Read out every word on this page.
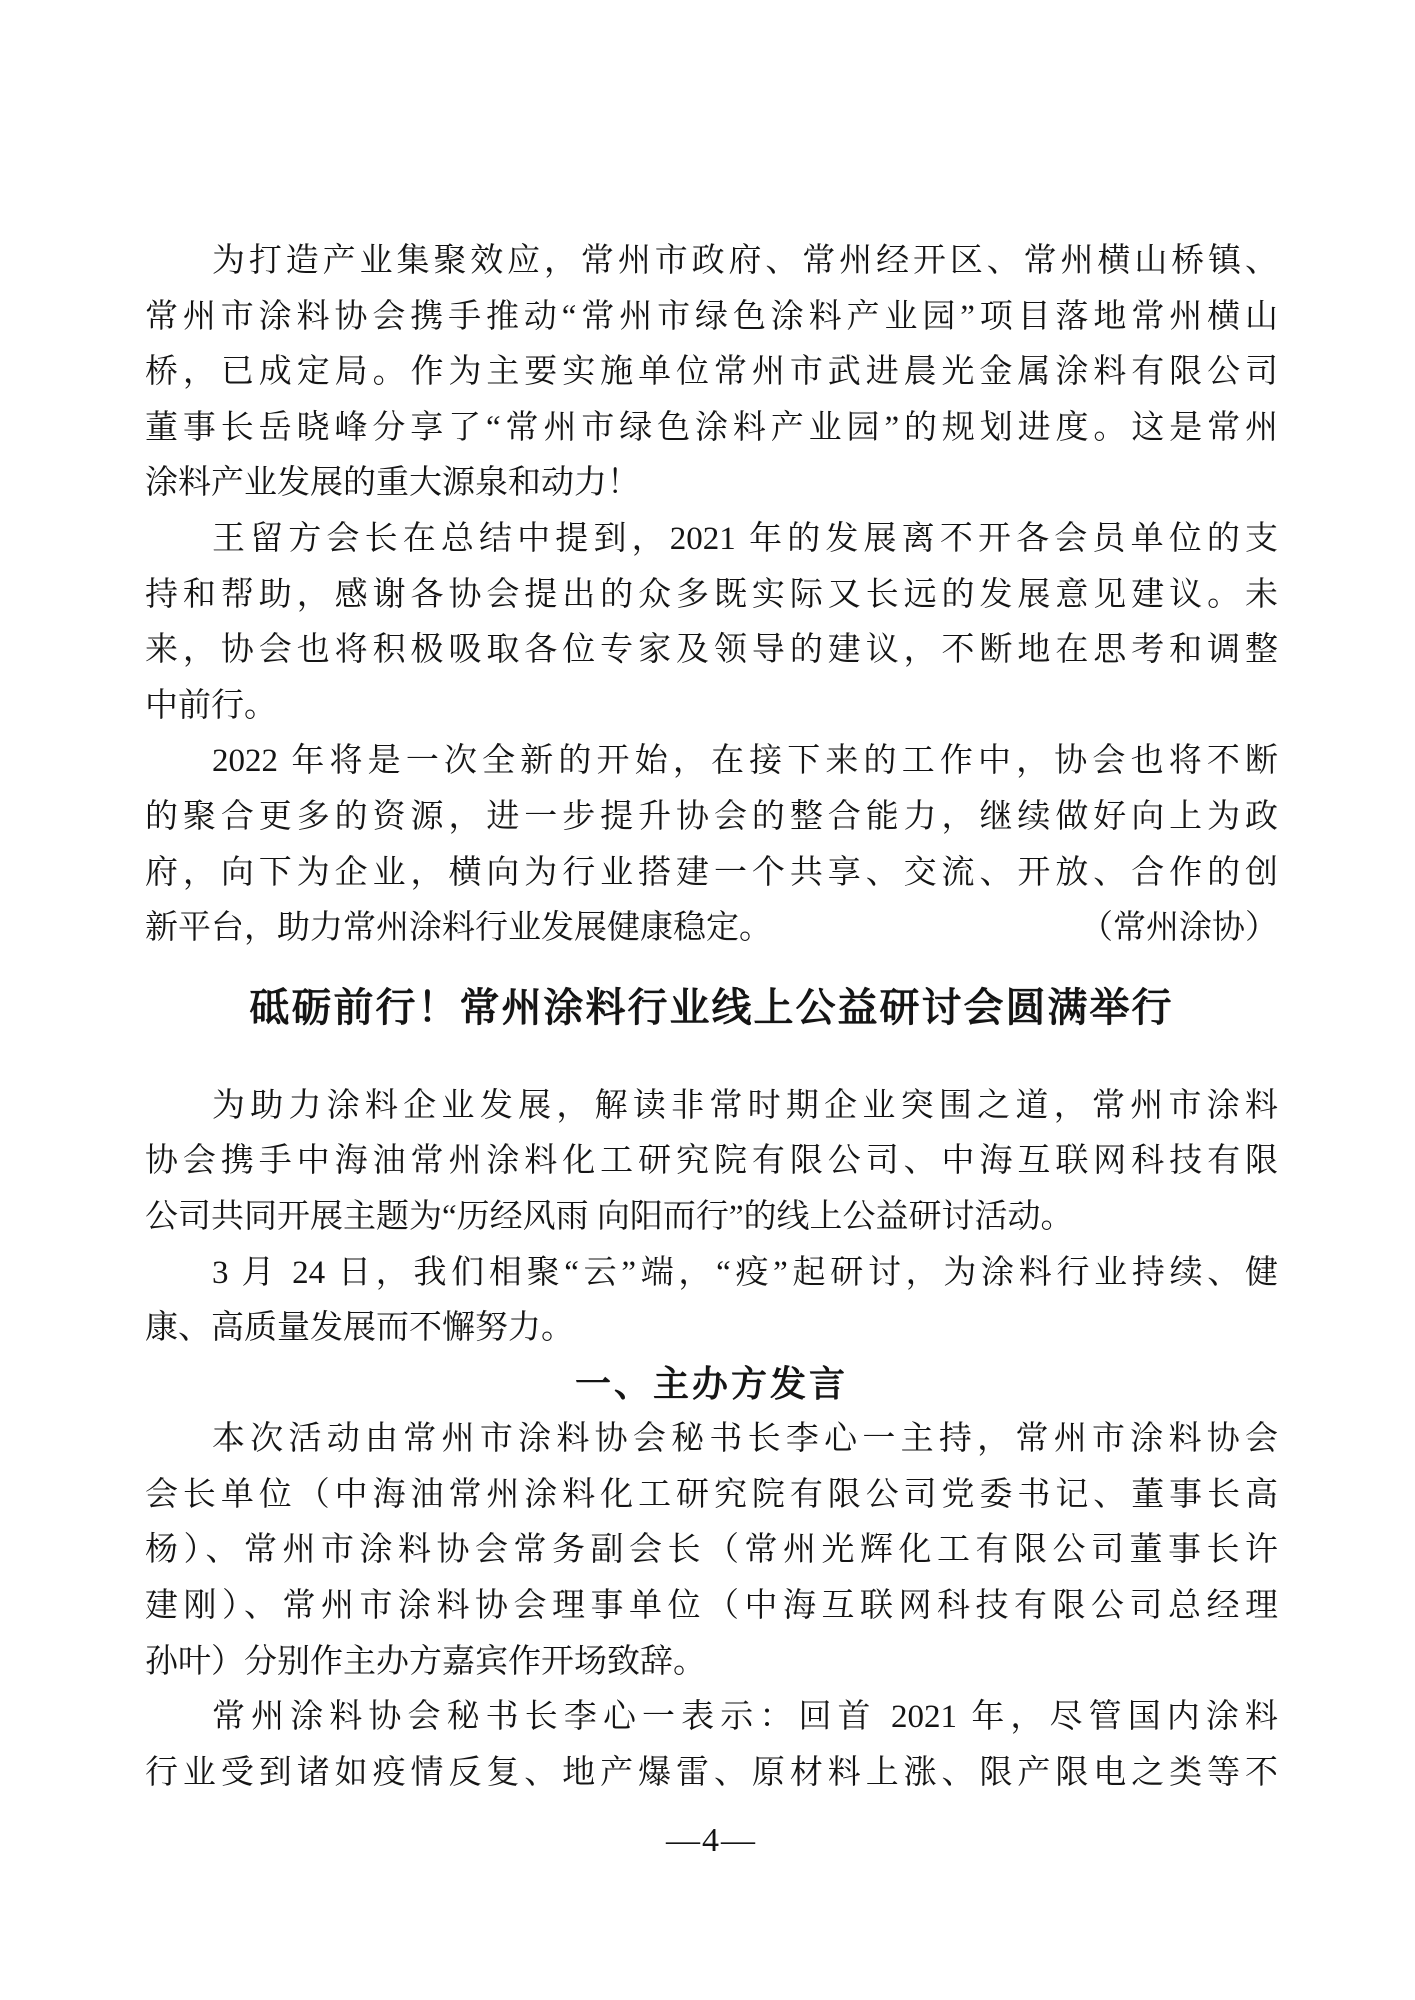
为打造产业集聚效应，常州市政府、常州经开区、常州横山桥镇、
常州市涂料协会携手推动“常州市绿色涂料产业园”项目落地常州横山
桥，已成定局。作为主要实施单位常州市武进晨光金属涂料有限公司
董事长岳晓峰分享了“常州市绿色涂料产业园”的规划进度。这是常州
涂料产业发展的重大源泉和动力！
王留方会长在总结中提到，2021 年的发展离不开各会员单位的支
持和帮助，感谢各协会提出的众多既实际又长远的发展意见建议。未
来，协会也将积极吸取各位专家及领导的建议，不断地在思考和调整
中前行。
2022 年将是一次全新的开始，在接下来的工作中，协会也将不断
的聚合更多的资源，进一步提升协会的整合能力，继续做好向上为政
府，向下为企业，横向为行业搭建一个共享、交流、开放、合作的创
新平台，助力常州涂料行业发展健康稳定。	（常州涂协）
砥砺前行！常州涂料行业线上公益研讨会圆满举行
为助力涂料企业发展，解读非常时期企业突围之道，常州市涂料
协会携手中海油常州涂料化工研究院有限公司、中海互联网科技有限
公司共同开展主题为“历经风雨 向阳而行”的线上公益研讨活动。
3 月 24 日，我们相聚“云”端，“疫”起研讨，为涂料行业持续、健
康、高质量发展而不懈努力。
一、主办方发言
本次活动由常州市涂料协会秘书长李心一主持，常州市涂料协会
会长单位（中海油常州涂料化工研究院有限公司党委书记、董事长高
杨）、常州市涂料协会常务副会长（常州光辉化工有限公司董事长许
建刚）、常州市涂料协会理事单位（中海互联网科技有限公司总经理
孙叶）分别作主办方嘉宾作开场致辞。
常州涂料协会秘书长李心一表示：回首 2021 年，尽管国内涂料
行业受到诸如疫情反复、地产爆雷、原材料上涨、限产限电之类等不
—4—
